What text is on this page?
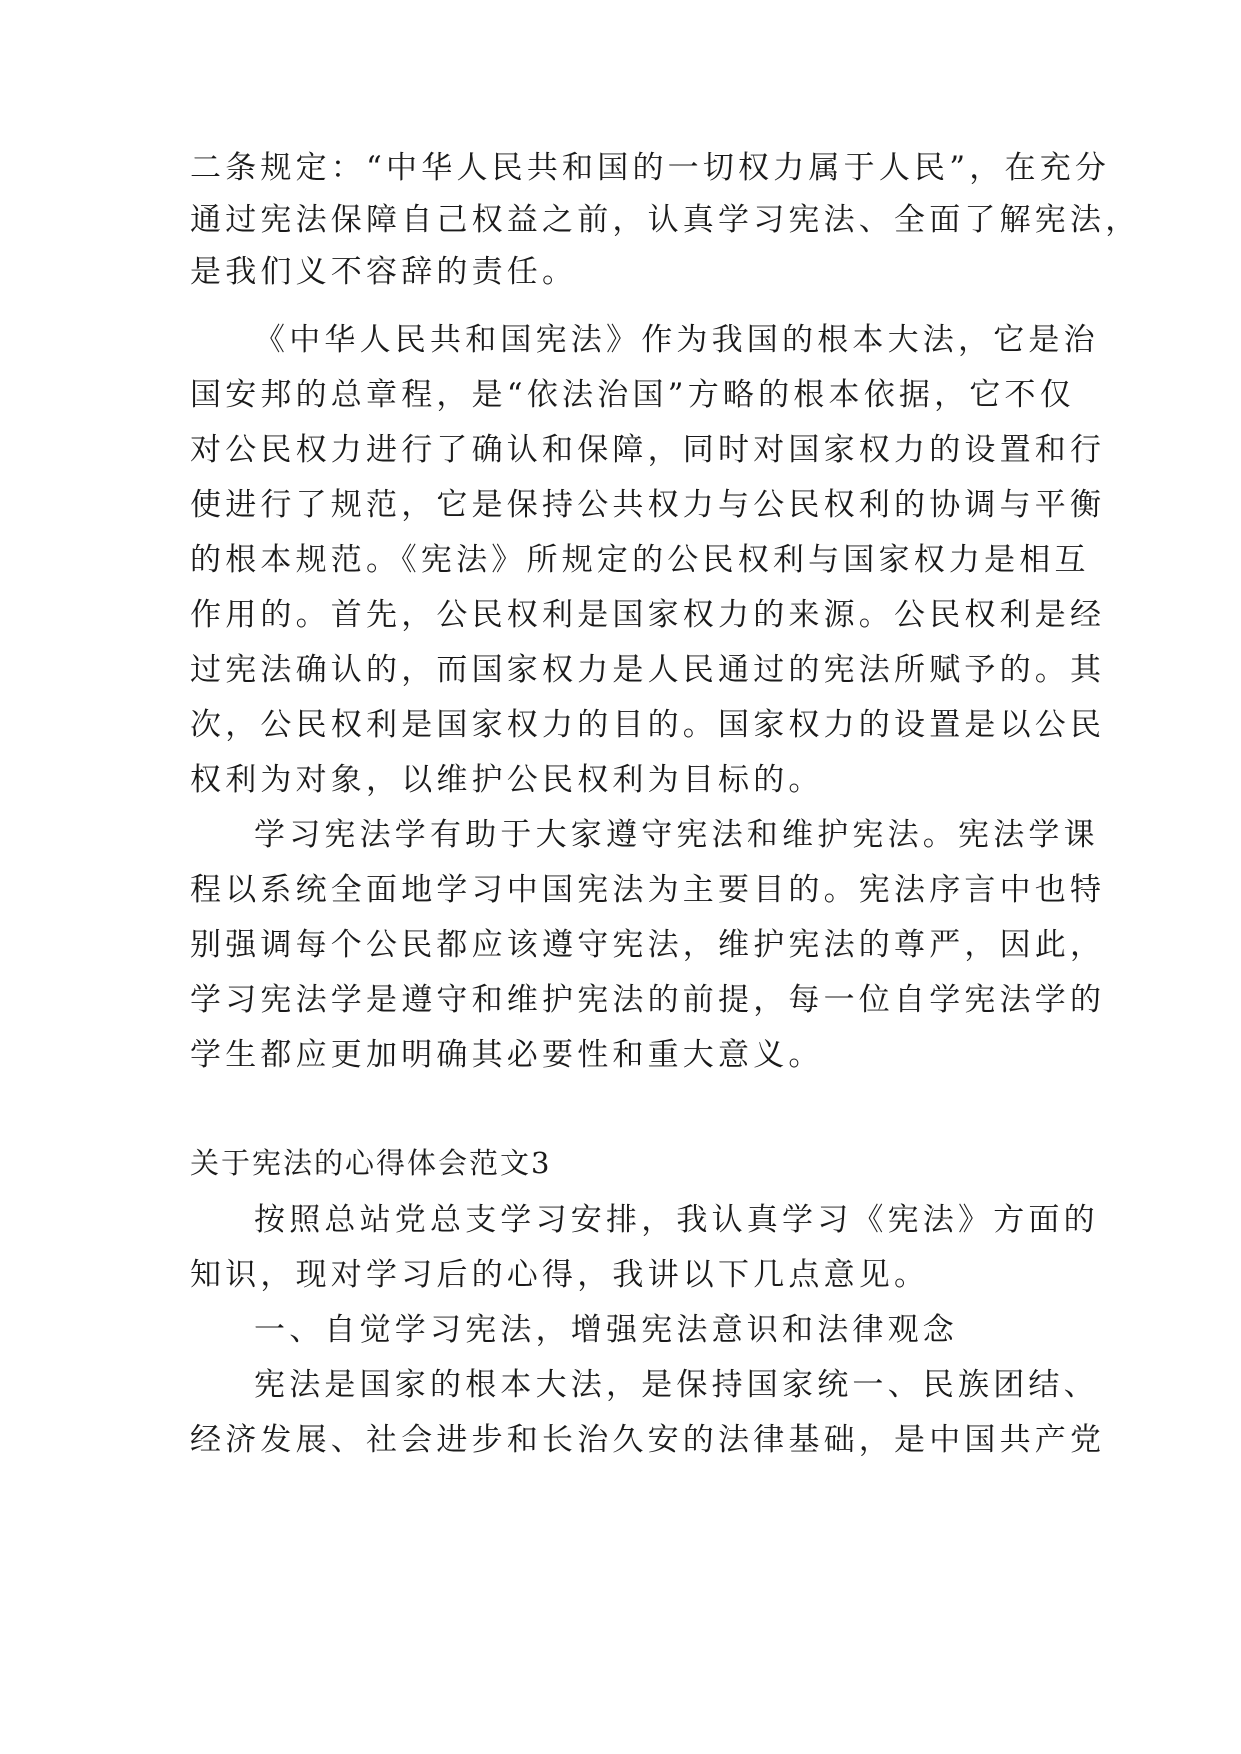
二条规定：“中华人民共和国的一切权力属于人民”，在充分
通过宪法保障自己权益之前，认真学习宪法、全面了解宪法，
是我们义不容辞的责任。
《中华人民共和国宪法》作为我国的根本大法，它是治
国安邦的总章程，是“依法治国”方略的根本依据，它不仅
对公民权力进行了确认和保障，同时对国家权力的设置和行
使进行了规范，它是保持公共权力与公民权利的协调与平衡
的根本规范。《宪法》所规定的公民权利与国家权力是相互
作用的。首先，公民权利是国家权力的来源。公民权利是经
过宪法确认的，而国家权力是人民通过的宪法所赋予的。其
次，公民权利是国家权力的目的。国家权力的设置是以公民
权利为对象，以维护公民权利为目标的。
学习宪法学有助于大家遵守宪法和维护宪法。宪法学课
程以系统全面地学习中国宪法为主要目的。宪法序言中也特
别强调每个公民都应该遵守宪法，维护宪法的尊严，因此，
学习宪法学是遵守和维护宪法的前提，每一位自学宪法学的
学生都应更加明确其必要性和重大意义。
关于宪法的心得体会范文3
按照总站党总支学习安排，我认真学习《宪法》方面的
知识，现对学习后的心得，我讲以下几点意见。
一、自觉学习宪法，增强宪法意识和法律观念
宪法是国家的根本大法，是保持国家统一、民族团结、
经济发展、社会进步和长治久安的法律基础，是中国共产党
